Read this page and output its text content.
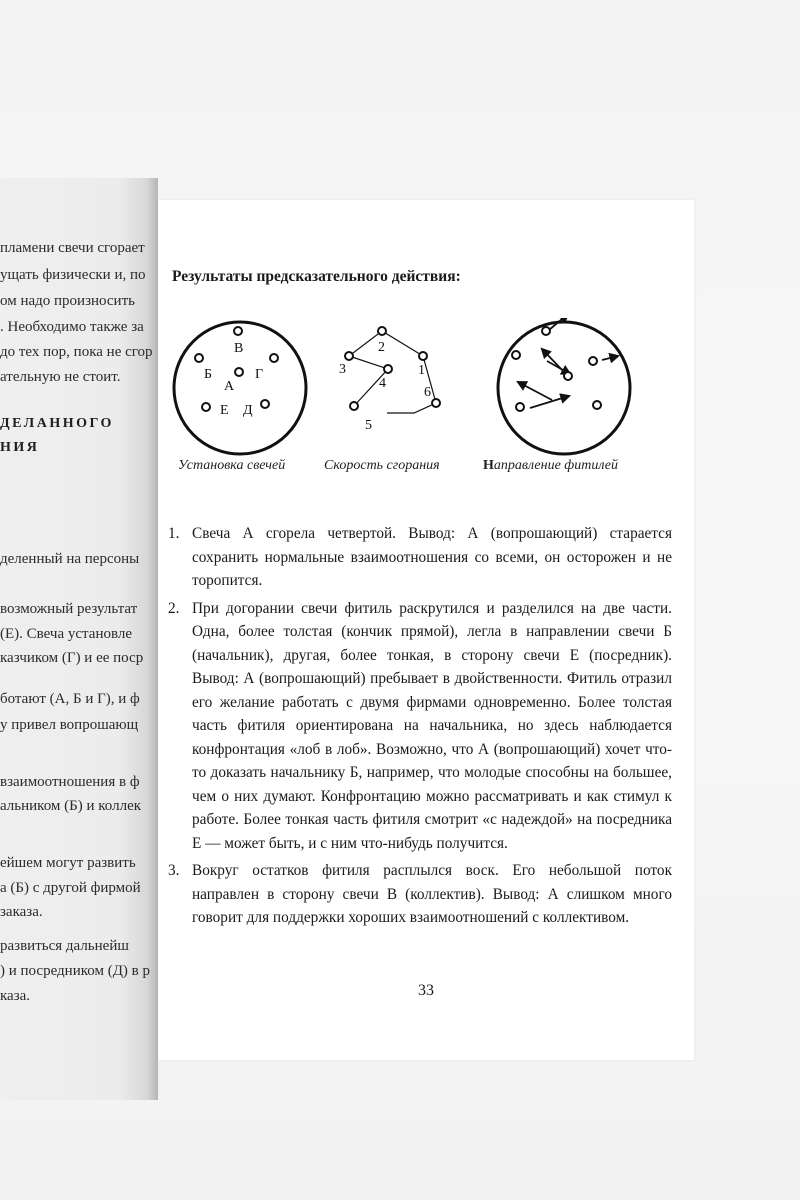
пламени свечи сгорает
ущать физически и, по
ом надо произносить
. Необходимо также за
до тех пор, пока не сгор
ательную не стоит.
деленный на персоны
возможный результат
(Е). Свеча установле
казчиком (Г) и ее поср
ботают (А, Б и Г), и ф
у привел вопрошающ
взаимоотношения в ф
альником (Б) и коллек
ейшем могут развить
а (Б) с другой фирмой
заказа.
развиться дальнейш
) и посредником (Д) в р
каза.
ДЕЛАННОГО
НИЯ
Результаты предсказательного действия:
В
Б	Г
А
Е Д
2
3	1
4
6
5
Установка свечей	Скорость сгорания	Направление фитилей
1. Свеча А сгорела четвертой. Вывод: А (вопрошающий) старается сохранить нормальные взаимоотношения со всеми, он осторожен и не торопится.
2. При догорании свечи фитиль раскрутился и разделился на две части. Одна, более толстая (кончик прямой), легла в направлении свечи Б (начальник), другая, более тонкая, в сторону свечи Е (посредник). Вывод: А (вопрошающий) пребывает в двойственности. Фитиль отразил его желание работать с двумя фирмами одновременно. Более толстая часть фитиля ориентирована на начальника, но здесь наблюдается конфронтация «лоб в лоб». Возможно, что А (вопрошающий) хочет что-то доказать начальнику Б, например, что молодые способны на большее, чем о них думают. Конфронтацию можно рассматривать и как стимул к работе. Более тонкая часть фитиля смотрит «с надеждой» на посредника Е — может быть, и с ним что-нибудь получится.
3. Вокруг остатков фитиля расплылся воск. Его небольшой поток направлен в сторону свечи В (коллектив). Вывод: А слишком много говорит для поддержки хороших взаимоотношений с коллективом.
33
